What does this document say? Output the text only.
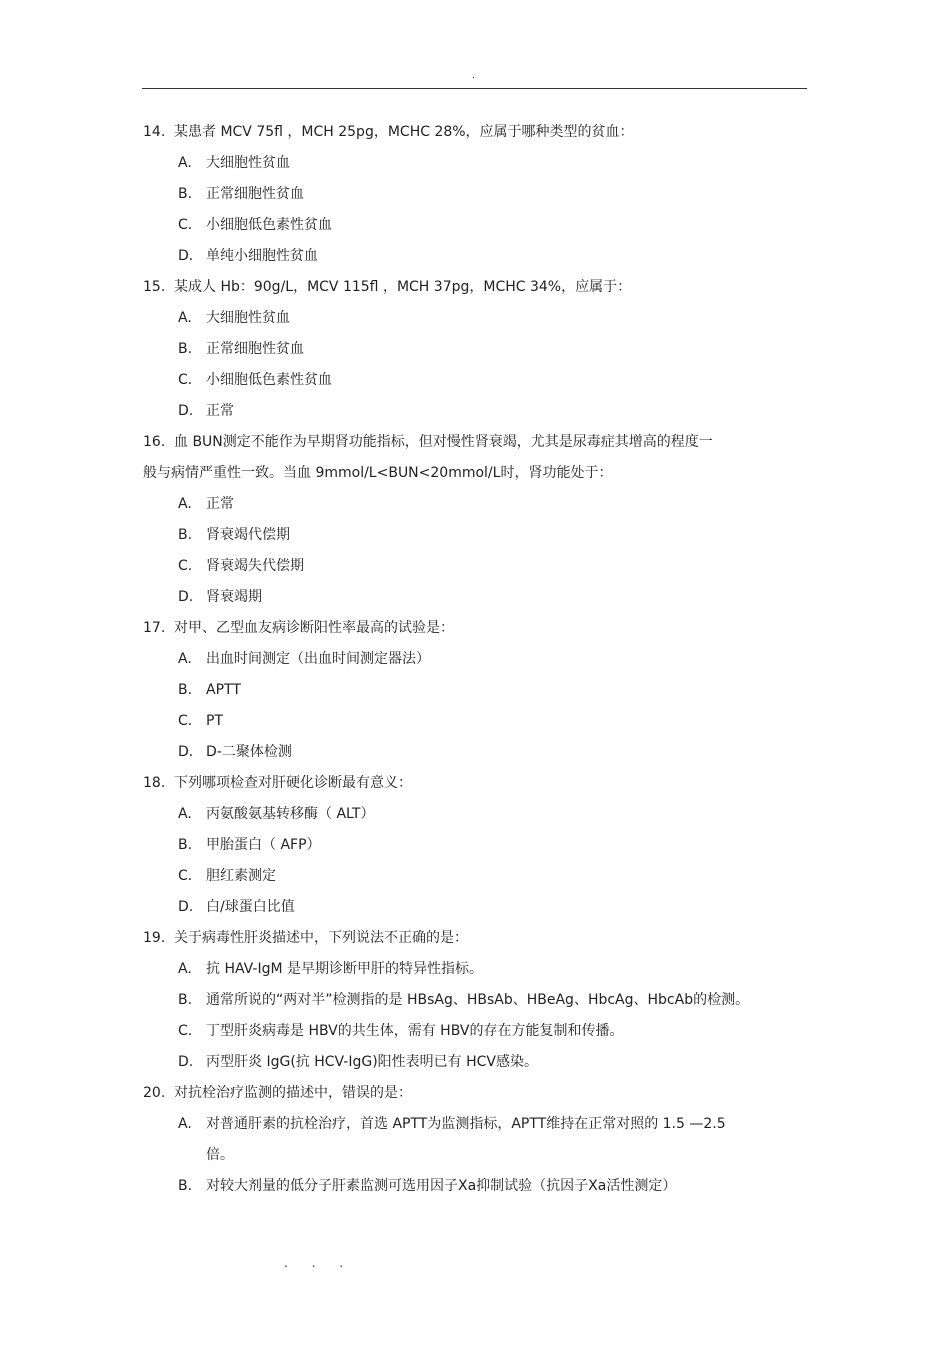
.
14. 某患者 MCV 75fl ，MCH 25pg，MCHC 28%，应属于哪种类型的贫血：
A. 大细胞性贫血
B. 正常细胞性贫血
C. 小细胞低色素性贫血
D. 单纯小细胞性贫血
15. 某成人 Hb：90g/L，MCV 115fl ，MCH 37pg，MCHC 34%，应属于：
A. 大细胞性贫血
B. 正常细胞性贫血
C. 小细胞低色素性贫血
D. 正常
16. 血 BUN测定不能作为早期肾功能指标，但对慢性肾衰竭，尤其是尿毒症其增高的程度一
般与病情严重性一致。当血 9mmol/L<BUN<20mmol/L时，肾功能处于：
A. 正常
B. 肾衰竭代偿期
C. 肾衰竭失代偿期
D. 肾衰竭期
17. 对甲、乙型血友病诊断阳性率最高的试验是：
A. 出血时间测定（出血时间测定器法）
B. APTT
C. PT
D. D-二聚体检测
18. 下列哪项检查对肝硬化诊断最有意义：
A. 丙氨酸氨基转移酶（ ALT）
B. 甲胎蛋白（ AFP）
C. 胆红素测定
D. 白/球蛋白比值
19. 关于病毒性肝炎描述中，下列说法不正确的是：
A. 抗 HAV-IgM 是早期诊断甲肝的特异性指标。
B. 通常所说的“两对半”检测指的是 HBsAg、HBsAb、HBeAg、HbcAg、HbcAb的检测。
C. 丁型肝炎病毒是 HBV的共生体，需有 HBV的存在方能复制和传播。
D. 丙型肝炎 IgG(抗 HCV-IgG)阳性表明已有 HCV感染。
20. 对抗栓治疗监测的描述中，错误的是：
A. 对普通肝素的抗栓治疗，首选 APTT为监测指标，APTT维持在正常对照的 1.5 —2.5
倍。
B. 对较大剂量的低分子肝素监测可选用因子Ⅹa抑制试验（抗因子Ⅹa活性测定）
. . .
